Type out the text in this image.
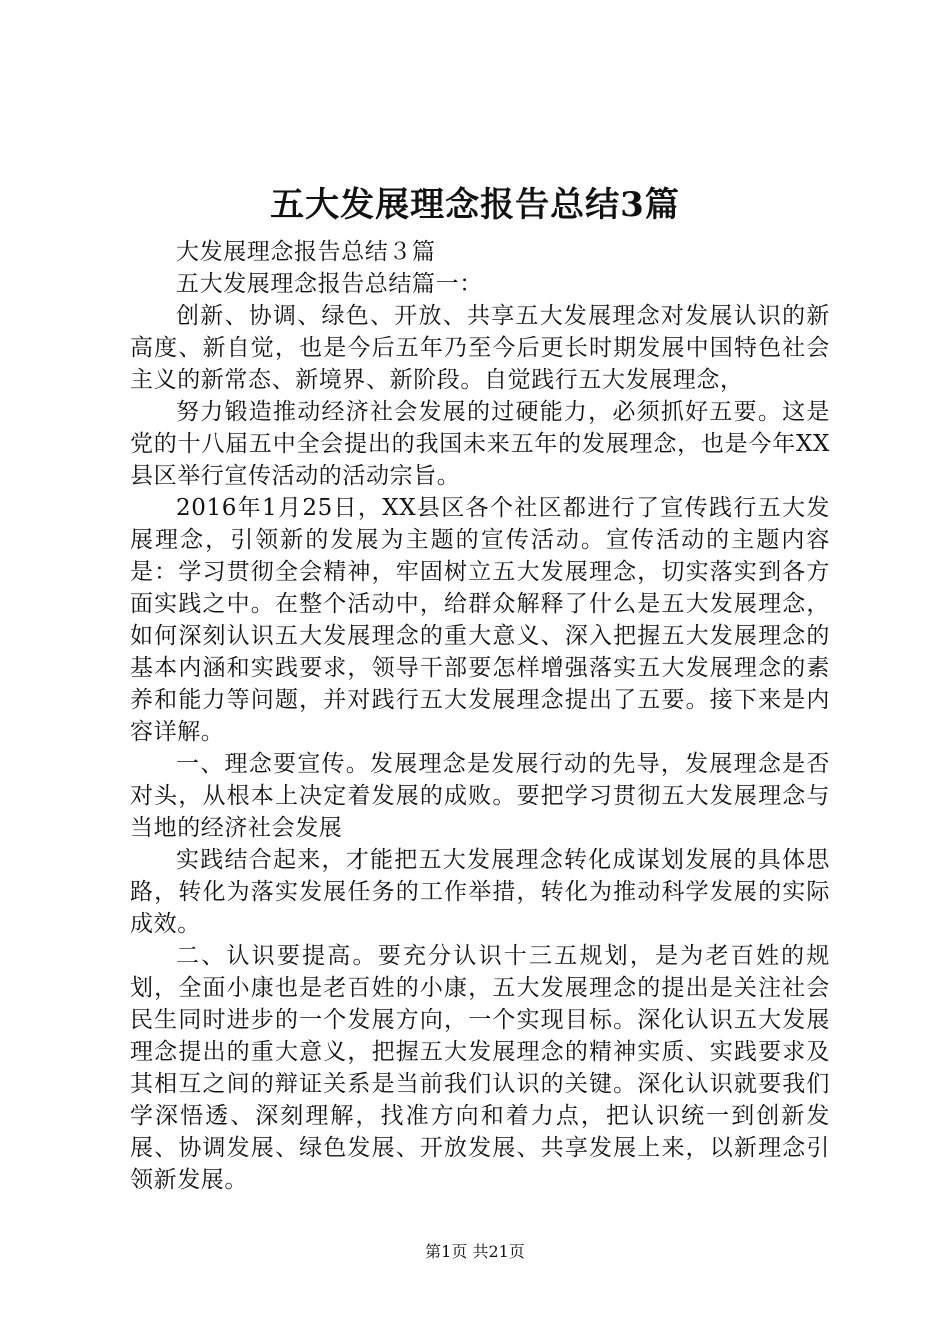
五大发展理念报告总结3篇

大发展理念报告总结３篇

五大发展理念报告总结篇一：

创新、协调、绿色、开放、共享五大发展理念对发展认识的新高度、新自觉，也是今后五年乃至今后更长时期发展中国特色社会主义的新常态、新境界、新阶段。自觉践行五大发展理念，

努力锻造推动经济社会发展的过硬能力，必须抓好五要。这是党的十八届五中全会提出的我国未来五年的发展理念，也是今年XX县区举行宣传活动的活动宗旨。

2016年1月25日，XX县区各个社区都进行了宣传践行五大发展理念，引领新的发展为主题的宣传活动。宣传活动的主题内容是：学习贯彻全会精神，牢固树立五大发展理念，切实落实到各方面实践之中。在整个活动中，给群众解释了什么是五大发展理念，如何深刻认识五大发展理念的重大意义、深入把握五大发展理念的基本内涵和实践要求，领导干部要怎样增强落实五大发展理念的素养和能力等问题，并对践行五大发展理念提出了五要。接下来是内容详解。

一、理念要宣传。发展理念是发展行动的先导，发展理念是否对头，从根本上决定着发展的成败。要把学习贯彻五大发展理念与当地的经济社会发展

实践结合起来，才能把五大发展理念转化成谋划发展的具体思路，转化为落实发展任务的工作举措，转化为推动科学发展的实际成效。

二、认识要提高。要充分认识十三五规划，是为老百姓的规划，全面小康也是老百姓的小康，五大发展理念的提出是关注社会民生同时进步的一个发展方向，一个实现目标。深化认识五大发展理念提出的重大意义，把握五大发展理念的精神实质、实践要求及其相互之间的辩证关系是当前我们认识的关键。深化认识就要我们学深悟透、深刻理解，找准方向和着力点，把认识统一到创新发展、协调发展、绿色发展、开放发展、共享发展上来，以新理念引领新发展。

第1页 共21页
